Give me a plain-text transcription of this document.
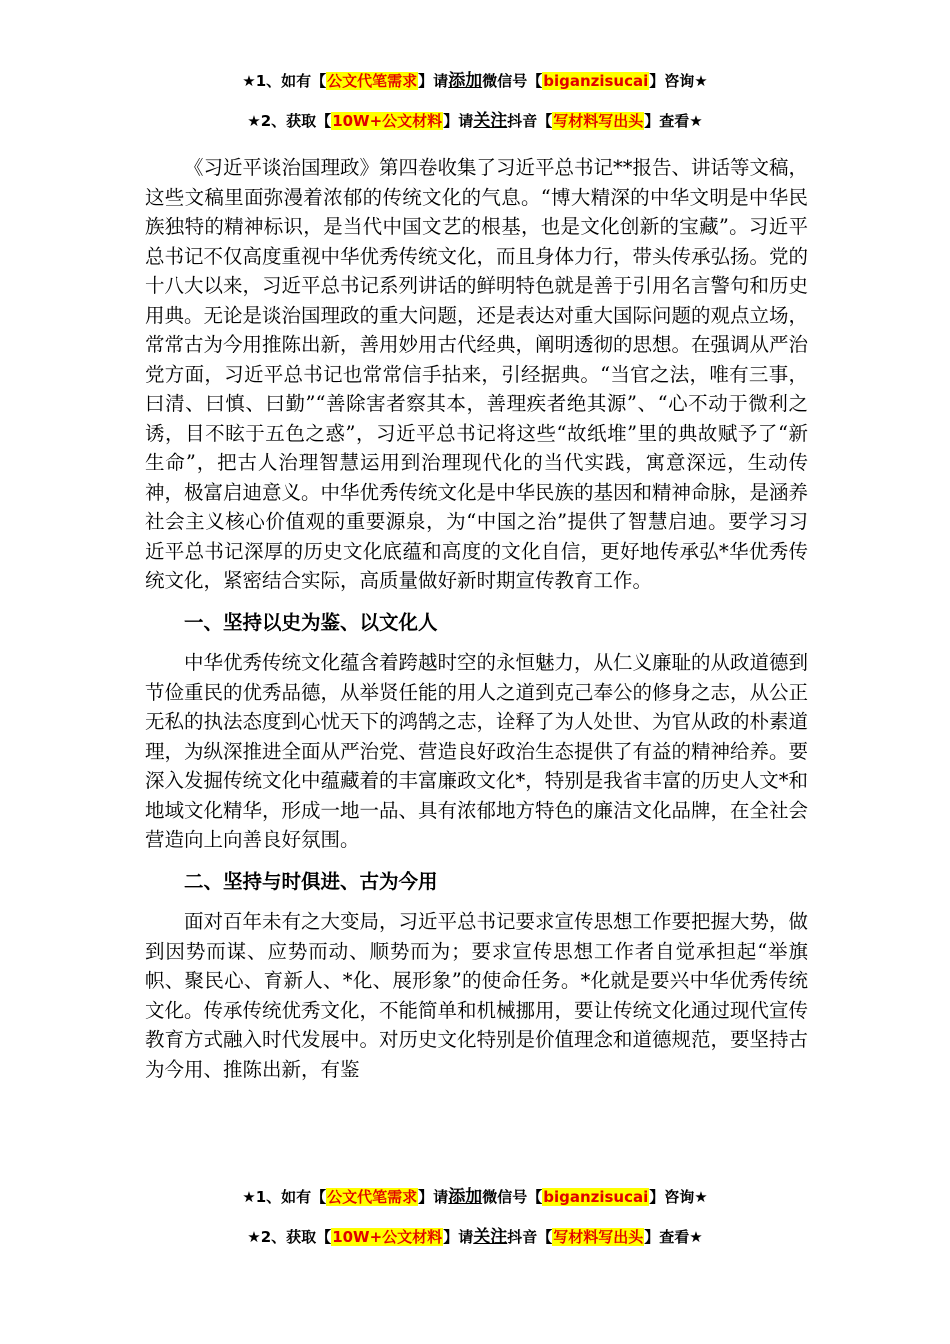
★1、如有【公文代笔需求】请添加微信号【biganzisucai】咨询★
★2、获取【10W+公文材料】请关注抖音【写材料写出头】查看★

《习近平谈治国理政》第四卷收集了习近平总书记**报告、讲话等文稿，这些文稿里面弥漫着浓郁的传统文化的气息。“博大精深的中华文明是中华民族独特的精神标识，是当代中国文艺的根基，也是文化创新的宝藏”。习近平总书记不仅高度重视中华优秀传统文化，而且身体力行，带头传承弘扬。党的十八大以来，习近平总书记系列讲话的鲜明特色就是善于引用名言警句和历史用典。无论是谈治国理政的重大问题，还是表达对重大国际问题的观点立场，常常古为今用推陈出新，善用妙用古代经典，阐明透彻的思想。在强调从严治党方面，习近平总书记也常常信手拈来，引经据典。“当官之法，唯有三事，曰清、曰慎、曰勤”“善除害者察其本，善理疾者绝其源”、“心不动于微利之诱，目不眩于五色之惑”，习近平总书记将这些“故纸堆”里的典故赋予了“新生命”，把古人治理智慧运用到治理现代化的当代实践，寓意深远，生动传神，极富启迪意义。中华优秀传统文化是中华民族的基因和精神命脉，是涵养社会主义核心价值观的重要源泉，为“中国之治”提供了智慧启迪。要学习习近平总书记深厚的历史文化底蕴和高度的文化自信，更好地传承弘*华优秀传统文化，紧密结合实际，高质量做好新时期宣传教育工作。

一、坚持以史为鉴、以文化人

中华优秀传统文化蕴含着跨越时空的永恒魅力，从仁义廉耻的从政道德到节俭重民的优秀品德，从举贤任能的用人之道到克己奉公的修身之志，从公正无私的执法态度到心忧天下的鸿鹄之志，诠释了为人处世、为官从政的朴素道理，为纵深推进全面从严治党、营造良好政治生态提供了有益的精神给养。要深入发掘传统文化中蕴藏着的丰富廉政文化*，特别是我省丰富的历史人文*和地域文化精华，形成一地一品、具有浓郁地方特色的廉洁文化品牌，在全社会营造向上向善良好氛围。

二、坚持与时俱进、古为今用

面对百年未有之大变局，习近平总书记要求宣传思想工作要把握大势，做到因势而谋、应势而动、顺势而为；要求宣传思想工作者自觉承担起“举旗帜、聚民心、育新人、*化、展形象”的使命任务。*化就是要兴中华优秀传统文化。传承传统优秀文化，不能简单和机械挪用，要让传统文化通过现代宣传教育方式融入时代发展中。对历史文化特别是价值理念和道德规范，要坚持古为今用、推陈出新，有鉴

★1、如有【公文代笔需求】请添加微信号【biganzisucai】咨询★
★2、获取【10W+公文材料】请关注抖音【写材料写出头】查看★
